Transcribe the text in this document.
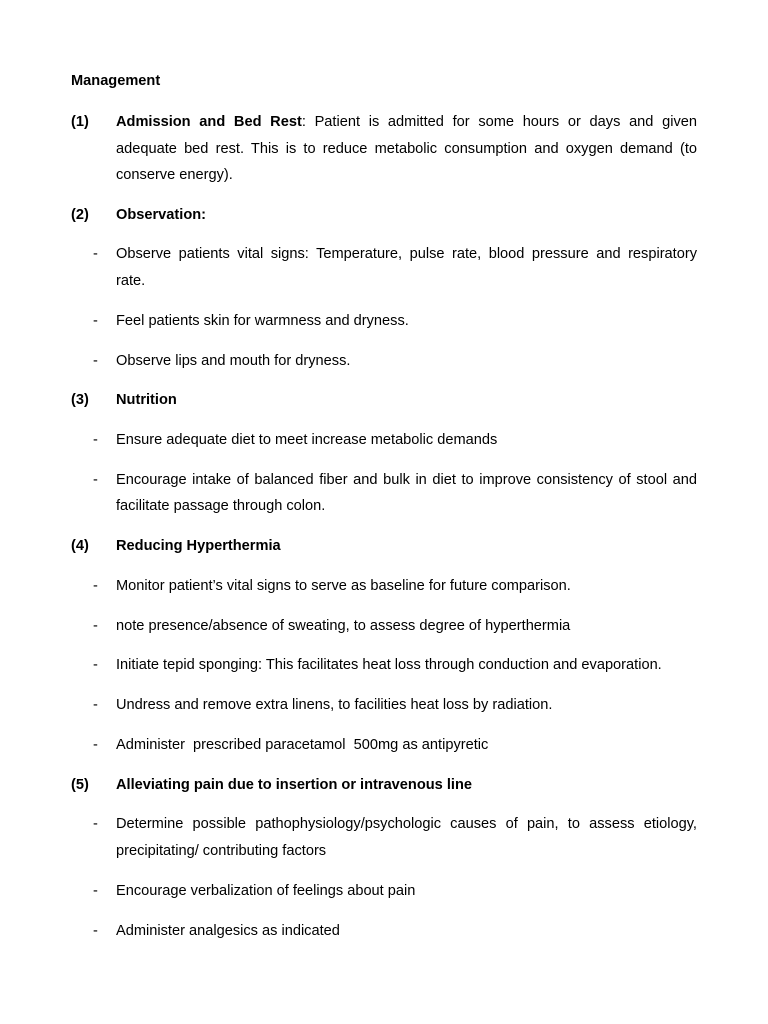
Management
(1) Admission and Bed Rest: Patient is admitted for some hours or days and given
adequate bed rest. This is to reduce metabolic consumption and oxygen demand (to
conserve energy).
(2) Observation:
- Observe patients vital signs: Temperature, pulse rate, blood pressure and respiratory
rate.
- Feel patients skin for warmness and dryness.
- Observe lips and mouth for dryness.
(3) Nutrition
- Ensure adequate diet to meet increase metabolic demands
- Encourage intake of balanced fiber and bulk in diet to improve consistency of stool and
facilitate passage through colon.
(4) Reducing Hyperthermia
- Monitor patient’s vital signs to serve as baseline for future comparison.
- note presence/absence of sweating, to assess degree of hyperthermia
- Initiate tepid sponging: This facilitates heat loss through conduction and evaporation.
- Undress and remove extra linens, to facilities heat loss by radiation.
- Administer  prescribed paracetamol  500mg as antipyretic
(5) Alleviating pain due to insertion or intravenous line
- Determine possible pathophysiology/psychologic causes of pain, to assess etiology,
precipitating/ contributing factors
- Encourage verbalization of feelings about pain
- Administer analgesics as indicated
